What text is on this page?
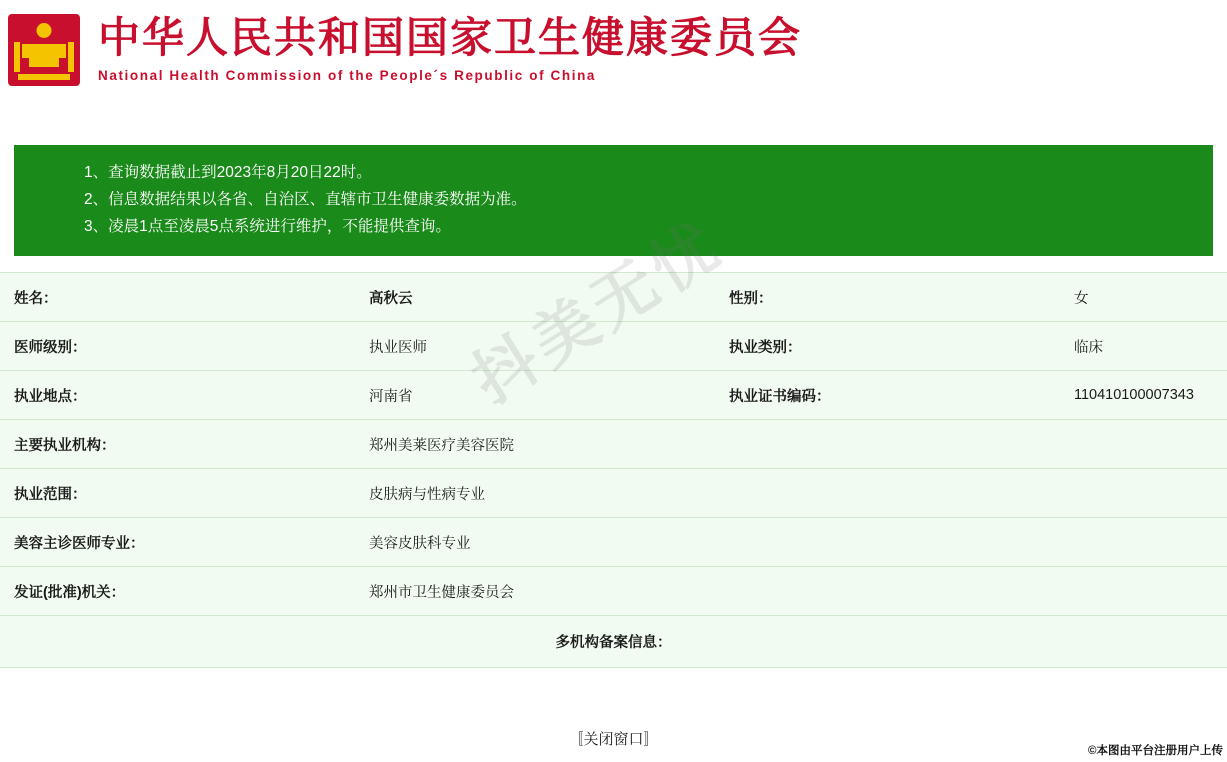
中华人民共和国国家卫生健康委员会
National Health Commission of the People´s Republic of China
1、查询数据截止到2023年8月20日22时。
2、信息数据结果以各省、自治区、直辖市卫生健康委数据为准。
3、凌晨1点至凌晨5点系统进行维护，不能提供查询。
姓名：	高秋云	性别：	女
医师级别：	执业医师	执业类别：	临床
执业地点：	河南省	执业证书编码：	110410100007343
主要执业机构：	郑州美莱医疗美容医院		
执业范围：	皮肤病与性病专业		
美容主诊医师专业：	美容皮肤科专业		
发证(批准)机关：	郑州市卫生健康委员会		
多机构备案信息：			
〚关闭窗口〛
©本图由平台注册用户上传
